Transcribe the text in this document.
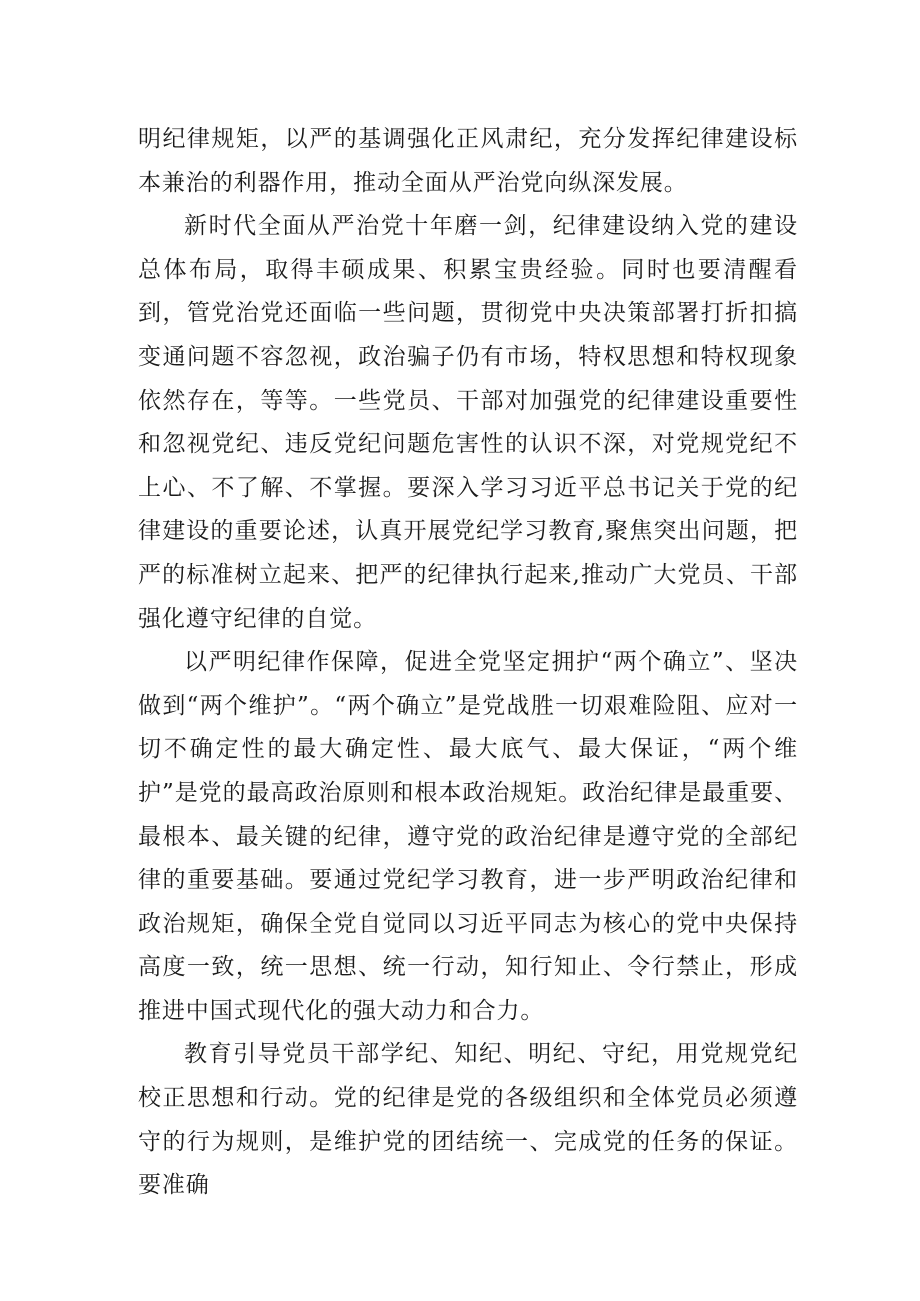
明纪律规矩，以严的基调强化正风肃纪，充分发挥纪律建设标本兼治的利器作用，推动全面从严治党向纵深发展。

新时代全面从严治党十年磨一剑，纪律建设纳入党的建设总体布局，取得丰硕成果、积累宝贵经验。同时也要清醒看到，管党治党还面临一些问题，贯彻党中央决策部署打折扣搞变通问题不容忽视，政治骗子仍有市场，特权思想和特权现象依然存在，等等。一些党员、干部对加强党的纪律建设重要性和忽视党纪、违反党纪问题危害性的认识不深，对党规党纪不上心、不了解、不掌握。要深入学习习近平总书记关于党的纪律建设的重要论述，认真开展党纪学习教育,聚焦突出问题，把严的标准树立起来、把严的纪律执行起来,推动广大党员、干部强化遵守纪律的自觉。

以严明纪律作保障，促进全党坚定拥护“两个确立”、坚决做到“两个维护”。“两个确立”是党战胜一切艰难险阻、应对一切不确定性的最大确定性、最大底气、最大保证，“两个维护”是党的最高政治原则和根本政治规矩。政治纪律是最重要、最根本、最关键的纪律，遵守党的政治纪律是遵守党的全部纪律的重要基础。要通过党纪学习教育，进一步严明政治纪律和政治规矩，确保全党自觉同以习近平同志为核心的党中央保持高度一致，统一思想、统一行动，知行知止、令行禁止，形成推进中国式现代化的强大动力和合力。

教育引导党员干部学纪、知纪、明纪、守纪，用党规党纪校正思想和行动。党的纪律是党的各级组织和全体党员必须遵守的行为规则，是维护党的团结统一、完成党的任务的保证。要准确
